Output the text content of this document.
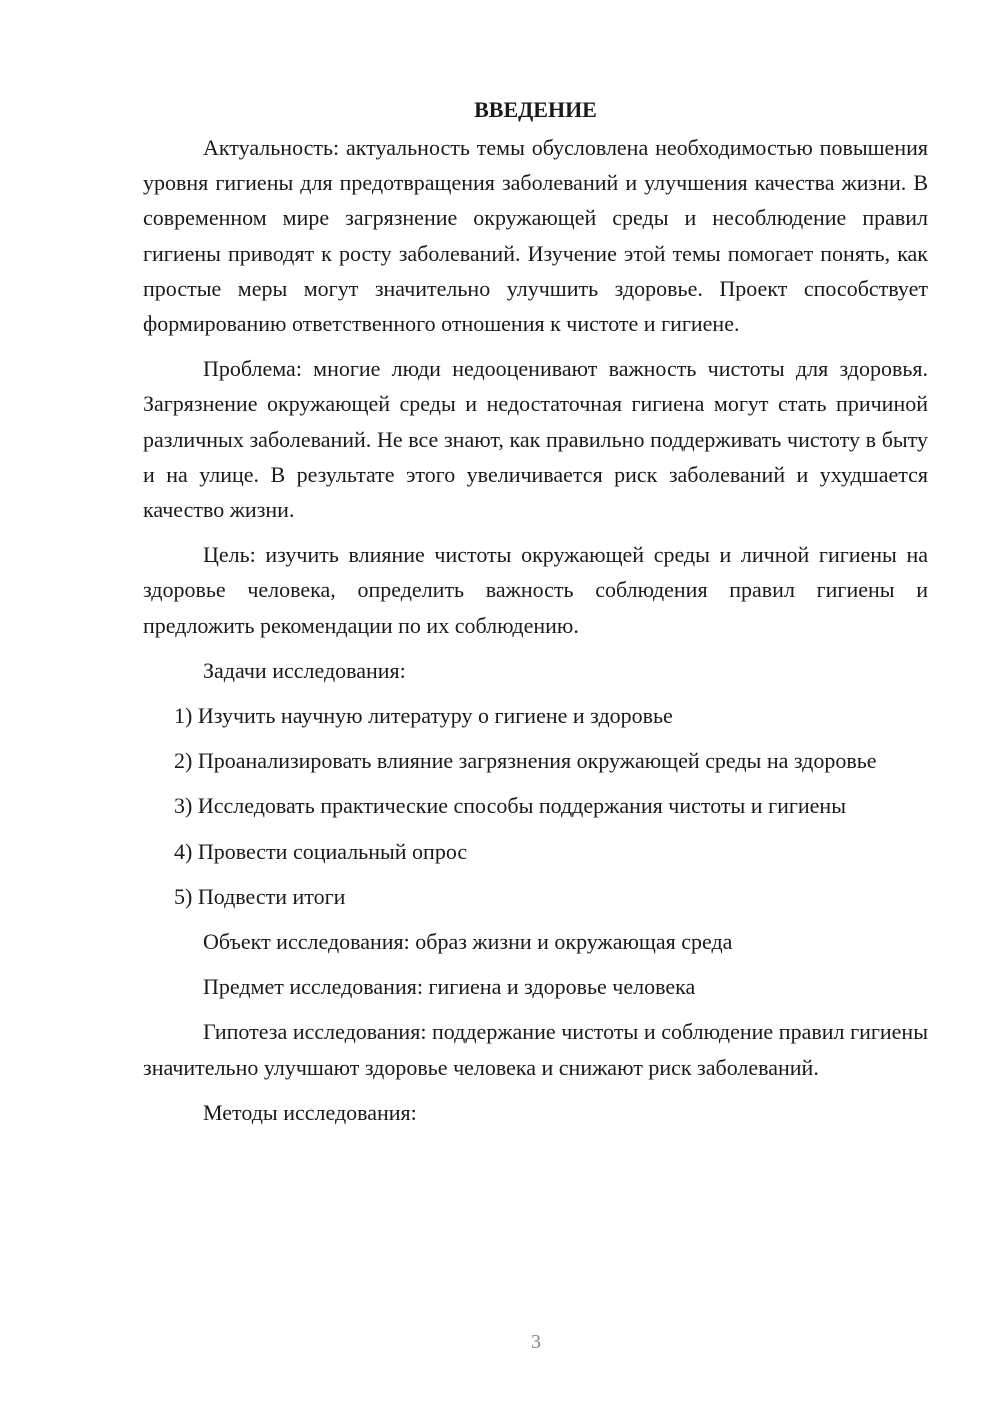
ВВЕДЕНИЕ

Актуальность: актуальность темы обусловлена необходимостью повышения уровня гигиены для предотвращения заболеваний и улучшения качества жизни. В современном мире загрязнение окружающей среды и несоблюдение правил гигиены приводят к росту заболеваний. Изучение этой темы помогает понять, как простые меры могут значительно улучшить здоровье. Проект способствует формированию ответственного отношения к чистоте и гигиене.

Проблема: многие люди недооценивают важность чистоты для здоровья. Загрязнение окружающей среды и недостаточная гигиена могут стать причиной различных заболеваний. Не все знают, как правильно поддерживать чистоту в быту и на улице. В результате этого увеличивается риск заболеваний и ухудшается качество жизни.

Цель: изучить влияние чистоты окружающей среды и личной гигиены на здоровье человека, определить важность соблюдения правил гигиены и предложить рекомендации по их соблюдению.

Задачи исследования:

1) Изучить научную литературу о гигиене и здоровье

2) Проанализировать влияние загрязнения окружающей среды на здоровье

3) Исследовать практические способы поддержания чистоты и гигиены

4) Провести социальный опрос

5) Подвести итоги

Объект исследования: образ жизни и окружающая среда

Предмет исследования: гигиена и здоровье человека

Гипотеза исследования: поддержание чистоты и соблюдение правил гигиены значительно улучшают здоровье человека и снижают риск заболеваний.

Методы исследования:

3
